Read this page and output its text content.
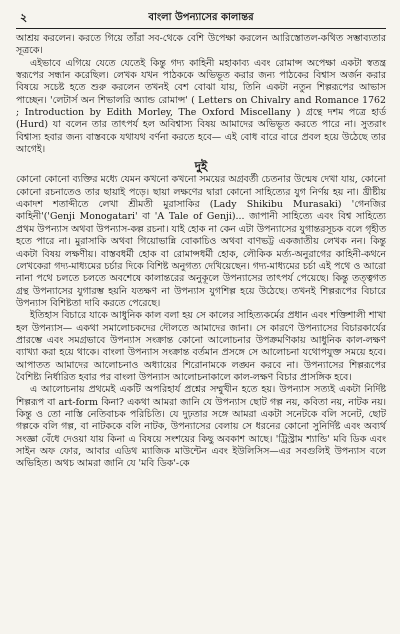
২	বাংলা উপন্যাসের কালান্তর

আশ্রয় করলেন। করতে গিয়ে তাঁরা সব-থেকে বেশি উপেক্ষা করলেন আরিস্তোতল-কথিত সম্ভাব্যতার সূত্রকে।

এইভাবে এগিয়ে যেতে যেতেই কিন্তু গদ্য কাহিনী মহাকাব্য এবং রোমান্স অপেক্ষা একটা স্বতন্ত্র স্বরূপের সন্ধান করেছিল। লেখক যখন পাঠককে অভিভূত করার জন্য পাঠকের বিশ্বাস অর্জন করার বিষয়ে সচেষ্ট হতে শুরু করলেন তখনই বেশ বোঝা যায়, তিনি একটা নতুন শিল্পরূপের আভাস পাচ্ছেন। 'লেটার্স অন শিভালরি অ্যান্ড রোমান্স' ( Letters on Chivalry and Romance 1762 ; Introduction by Edith Morley, The Oxford Miscellany ) গ্রন্থে দশম পত্রে হার্ড (Hurd) যা বলেন তার তাৎপর্য হল অবিশ্বাস্য বিষয় আমাদের অভিভূত করতে পারে না। সুতরাং বিশ্বাস্য হবার জন্য বাস্তবকে যথাযথ বর্ণনা করতে হবে— এই বোধ বারে বারে প্রবল হয়ে উঠেছে তার আগেই।

দুই

কোনো কোনো ব্যক্তির মধ্যে যেমন কখনো কখনো সময়ের অগ্রবর্তী চেতনার উন্মেষ দেখা যায়, কোনো কোনো রচনাতেও তার ছায়াই পড়ে। ছায়া লক্ষণের দ্বারা কোনো সাহিত্যের যুগ নির্ণয় হয় না। খ্রীষ্টীয় একাদশ শতাব্দীতে লেখা শ্রীমতী মুরাসাকির (Lady Shikibu Murasaki) 'গেনজির কাহিনী'('Genji Monogatari' বা 'A Tale of Genji)... জাপানী সাহিত্যে এবং বিশ্ব সাহিত্যে প্রথম উপন্যাস অথবা উপন্যাস-কল্প রচনা। যাই হোক না কেন এটা উপন্যাসের যুগান্তরসূচক বলে গৃহীত হতে পারে না। মুরাসাকি অথবা গিয়োভান্নি বোকাচিও অথবা বাণভট্ট একজাতীয় লেখক নন। কিন্তু একটা বিষয় লক্ষণীয়। বাস্তবধর্মী হোক বা রোমান্সধর্মী হোক, লৌকিক মর্ত্য-অনুরাগের কাহিনী-কথনে লেখকেরা গদ্য-মাধ্যমের চর্চার দিকে বিশিষ্ট অনুগত্য দেখিয়েছেন। গদ্য-মাধ্যমের চর্চা এই পথে ও আরো নানা পথে চলতে চলতে অবশেষে কালান্তরের অনুকূলে উপন্যাসের তাৎপর্য পেয়েছে। কিন্তু তত্ত্বগত গ্রন্থ উপন্যাসের যুগারম্ভ হয়নি যতক্ষণ না উপন্যাস যুগশিল্প হয়ে উঠেছে। তখনই শিল্পরূপের বিচারে উপন্যাস বিশিষ্টতা দাবি করতে পেরেছে।

ইতিহাস বিচারে যাকে আধুনিক কাল বলা হয় সে কালের সাহিত্যকর্মের প্রধান এবং শক্তিশালী শাখা হল উপন্যাস— একথা সমালোচকদের দৌলতে আমাদের জানা। সে কারণে উপন্যাসের বিচারকার্যের প্রারম্ভে এবং সমগ্রভাবে উপন্যাস সংক্রান্ত কোনো আলোচনার উপক্রমণিকায় আধুনিক কাল-লক্ষণ ব্যাখ্যা করা হয়ে থাকে। বাংলা উপন্যাস সংক্রান্ত বর্তমান প্রসঙ্গে সে আলোচনা যথোপযুক্ত সময়ে হবে। আপাতত আমাদের আলোচনাও অধ্যায়ের শিরোনামকে লঙ্ঘন করবে না। উপন্যাসের শিল্পরূপের বৈশিষ্ট্য নির্ধারিত হবার পর বাংলা উপন্যাস আলোচনাকালে কাল-লক্ষণ বিচার প্রাসঙ্গিক হবে।

এ আলোচনায় প্রথমেই একটি অপরিহার্য প্রশ্নের সম্মুখীন হতে হয়। উপন্যাস সত্যই একটা নির্দিষ্ট শিল্পরূপ বা art-form কিনা? একথা আমরা জানি যে উপন্যাস ছোট গল্প নয়, কবিতা নয়, নাটক নয়। কিন্তু ও তো নাস্তি নেতিবাচক পরিচিতি। যে দুঢ়তার সঙ্গে আমরা একটা সনেটকে বলি সনেট, ছোট গল্পকে বলি গল্প, বা নাটককে বলি নাটক, উপন্যাসের বেলায় সে ধরনের কোনো সুনির্দিষ্ট এবং অব্যর্থ সংজ্ঞা বেঁধে দেওয়া যায় কিনা এ বিষয়ে সংশয়ের কিছু অবকাশ আছে। 'ট্রিস্ট্রাম শ্যান্ডি' মবি ডিক এবং সাইন অফ ফোর, আবার এডিথ ম্যাজিক মাউন্টেন এবং ইউলিসিস—এর সবগুলিই উপন্যাস বলে অভিহিত। অথচ আমরা জানি যে 'মবি ডিক'-কে
